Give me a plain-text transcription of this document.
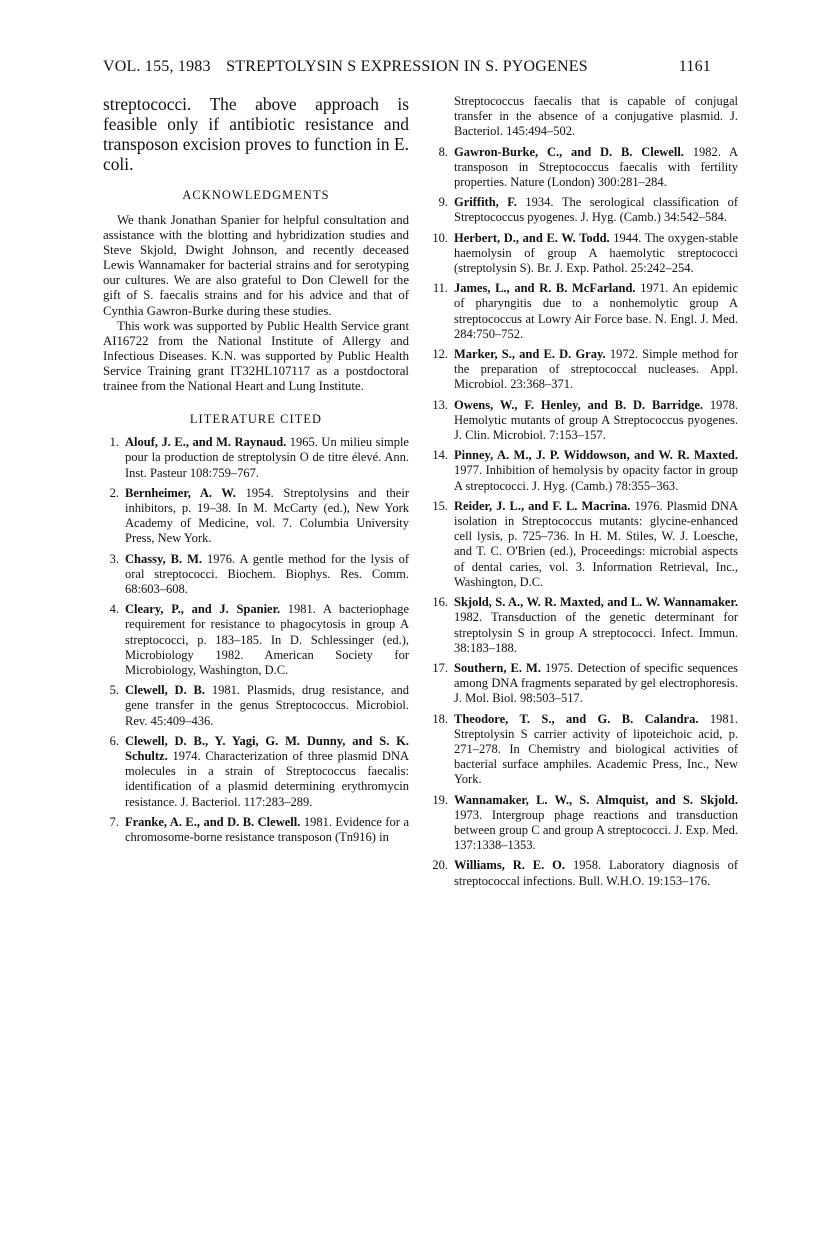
VOL. 155, 1983 STREPTOLYSIN S EXPRESSION IN S. PYOGENES	1161

streptococci. The above approach is feasible only if antibiotic resistance and transposon excision proves to function in E. coli.

ACKNOWLEDGMENTS

We thank Jonathan Spanier for helpful consultation and assistance with the blotting and hybridization studies and Steve Skjold, Dwight Johnson, and recently deceased Lewis Wannamaker for bacterial strains and for serotyping our cultures. We are also grateful to Don Clewell for the gift of S. faecalis strains and for his advice and that of Cynthia Gawron-Burke during these studies.

This work was supported by Public Health Service grant AI16722 from the National Institute of Allergy and Infectious Diseases. K.N. was supported by Public Health Service Training grant IT32HL107117 as a postdoctoral trainee from the National Heart and Lung Institute.

LITERATURE CITED
1. Alouf, J. E., and M. Raynaud. 1965. Un milieu simple pour la production de streptolysin O de titre élevé. Ann. Inst. Pasteur 108:759–767.
2. Bernheimer, A. W. 1954. Streptolysins and their inhibitors, p. 19–38. In M. McCarty (ed.), New York Academy of Medicine, vol. 7. Columbia University Press, New York.
3. Chassy, B. M. 1976. A gentle method for the lysis of oral streptococci. Biochem. Biophys. Res. Comm. 68:603–608.
4. Cleary, P., and J. Spanier. 1981. A bacteriophage requirement for resistance to phagocytosis in group A streptococci, p. 183–185. In D. Schlessinger (ed.), Microbiology 1982. American Society for Microbiology, Washington, D.C.
5. Clewell, D. B. 1981. Plasmids, drug resistance, and gene transfer in the genus Streptococcus. Microbiol. Rev. 45:409–436.
6. Clewell, D. B., Y. Yagi, G. M. Dunny, and S. K. Schultz. 1974. Characterization of three plasmid DNA molecules in a strain of Streptococcus faecalis: identification of a plasmid determining erythromycin resistance. J. Bacteriol. 117:283–289.
7. Franke, A. E., and D. B. Clewell. 1981. Evidence for a chromosome-borne resistance transposon (Tn916) in
Streptococcus faecalis that is capable of conjugal transfer in the absence of a conjugative plasmid. J. Bacteriol. 145:494–502.
8. Gawron-Burke, C., and D. B. Clewell. 1982. A transposon in Streptococcus faecalis with fertility properties. Nature (London) 300:281–284.
9. Griffith, F. 1934. The serological classification of Streptococcus pyogenes. J. Hyg. (Camb.) 34:542–584.
10. Herbert, D., and E. W. Todd. 1944. The oxygen-stable haemolysin of group A haemolytic streptococci (streptolysin S). Br. J. Exp. Pathol. 25:242–254.
11. James, L., and R. B. McFarland. 1971. An epidemic of pharyngitis due to a nonhemolytic group A streptococcus at Lowry Air Force base. N. Engl. J. Med. 284:750–752.
12. Marker, S., and E. D. Gray. 1972. Simple method for the preparation of streptococcal nucleases. Appl. Microbiol. 23:368–371.
13. Owens, W., F. Henley, and B. D. Barridge. 1978. Hemolytic mutants of group A Streptococcus pyogenes. J. Clin. Microbiol. 7:153–157.
14. Pinney, A. M., J. P. Widdowson, and W. R. Maxted. 1977. Inhibition of hemolysis by opacity factor in group A streptococci. J. Hyg. (Camb.) 78:355–363.
15. Reider, J. L., and F. L. Macrina. 1976. Plasmid DNA isolation in Streptococcus mutants: glycine-enhanced cell lysis, p. 725–736. In H. M. Stiles, W. J. Loesche, and T. C. O'Brien (ed.), Proceedings: microbial aspects of dental caries, vol. 3. Information Retrieval, Inc., Washington, D.C.
16. Skjold, S. A., W. R. Maxted, and L. W. Wannamaker. 1982. Transduction of the genetic determinant for streptolysin S in group A streptococci. Infect. Immun. 38:183–188.
17. Southern, E. M. 1975. Detection of specific sequences among DNA fragments separated by gel electrophoresis. J. Mol. Biol. 98:503–517.
18. Theodore, T. S., and G. B. Calandra. 1981. Streptolysin S carrier activity of lipoteichoic acid, p. 271–278. In Chemistry and biological activities of bacterial surface amphiles. Academic Press, Inc., New York.
19. Wannamaker, L. W., S. Almquist, and S. Skjold. 1973. Intergroup phage reactions and transduction between group C and group A streptococci. J. Exp. Med. 137:1338–1353.
20. Williams, R. E. O. 1958. Laboratory diagnosis of streptococcal infections. Bull. W.H.O. 19:153–176.
